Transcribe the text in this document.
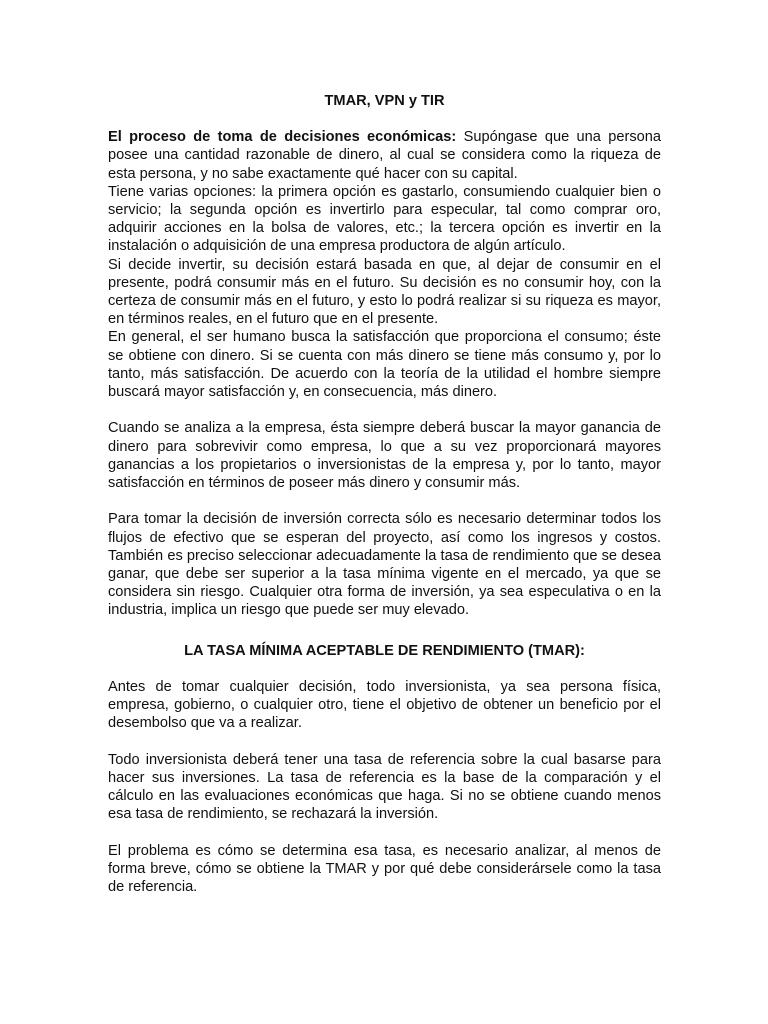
TMAR, VPN y TIR

El proceso de toma de decisiones económicas: Supóngase que una persona posee una cantidad razonable de dinero, al cual se considera como la riqueza de esta persona, y no sabe exactamente qué hacer con su capital.

Tiene varias opciones: la primera opción es gastarlo, consumiendo cualquier bien o servicio; la segunda opción es invertirlo para especular, tal como comprar oro, adquirir acciones en la bolsa de valores, etc.; la tercera opción es invertir en la instalación o adquisición de una empresa productora de algún artículo.

Si decide invertir, su decisión estará basada en que, al dejar de consumir en el presente, podrá consumir más en el futuro. Su decisión es no consumir hoy, con la certeza de consumir más en el futuro, y esto lo podrá realizar si su riqueza es mayor, en términos reales, en el futuro que en el presente.

En general, el ser humano busca la satisfacción que proporciona el consumo; éste se obtiene con dinero. Si se cuenta con más dinero se tiene más consumo y, por lo tanto, más satisfacción. De acuerdo con la teoría de la utilidad el hombre siempre buscará mayor satisfacción y, en consecuencia, más dinero.

Cuando se analiza a la empresa, ésta siempre deberá buscar la mayor ganancia de dinero para sobrevivir como empresa, lo que a su vez proporcionará mayores ganancias a los propietarios o inversionistas de la empresa y, por lo tanto, mayor satisfacción en términos de poseer más dinero y consumir más.

Para tomar la decisión de inversión correcta sólo es necesario determinar todos los flujos de efectivo que se esperan del proyecto, así como los ingresos y costos. También es preciso seleccionar adecuadamente la tasa de rendimiento que se desea ganar, que debe ser superior a la tasa mínima vigente en el mercado, ya que se considera sin riesgo. Cualquier otra forma de inversión, ya sea especulativa o en la industria, implica un riesgo que puede ser muy elevado.

LA TASA MÍNIMA ACEPTABLE DE RENDIMIENTO (TMAR):

Antes de tomar cualquier decisión, todo inversionista, ya sea persona física, empresa, gobierno, o cualquier otro, tiene el objetivo de obtener un beneficio por el desembolso que va a realizar.

Todo inversionista deberá tener una tasa de referencia sobre la cual basarse para hacer sus inversiones. La tasa de referencia es la base de la comparación y el cálculo en las evaluaciones económicas que haga. Si no se obtiene cuando menos esa tasa de rendimiento, se rechazará la inversión.

El problema es cómo se determina esa tasa, es necesario analizar, al menos de forma breve, cómo se obtiene la TMAR y por qué debe considerársele como la tasa de referencia.
